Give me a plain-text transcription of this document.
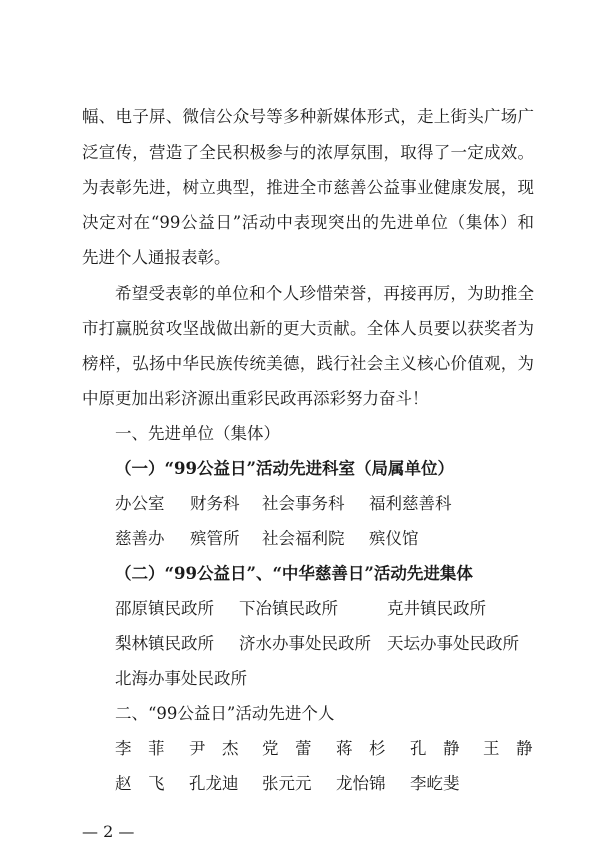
幅、电子屏、微信公众号等多种新媒体形式，走上街头广场广
泛宣传，营造了全民积极参与的浓厚氛围，取得了一定成效。
为表彰先进，树立典型，推进全市慈善公益事业健康发展，现
决定对在“99公益日”活动中表现突出的先进单位（集体）和
先进个人通报表彰。
希望受表彰的单位和个人珍惜荣誉，再接再厉，为助推全
市打赢脱贫攻坚战做出新的更大贡献。全体人员要以获奖者为
榜样，弘扬中华民族传统美德，践行社会主义核心价值观，为
中原更加出彩济源出重彩民政再添彩努力奋斗！
一、先进单位（集体）
（一）“99公益日”活动先进科室（局属单位）
办公室 财务科 社会事务科 福利慈善科
慈善办 殡管所 社会福利院 殡仪馆
（二）“99公益日”、“中华慈善日”活动先进集体
邵原镇民政所 下冶镇民政所	克井镇民政所
梨林镇民政所 济水办事处民政所 天坛办事处民政所
北海办事处民政所
二、“99公益日”活动先进个人
李　菲 尹　杰 党　蕾 蒋　杉 孔　静 王　静
赵　飞 孔龙迪 张元元 龙怡锦 李屹斐
— 2 —
